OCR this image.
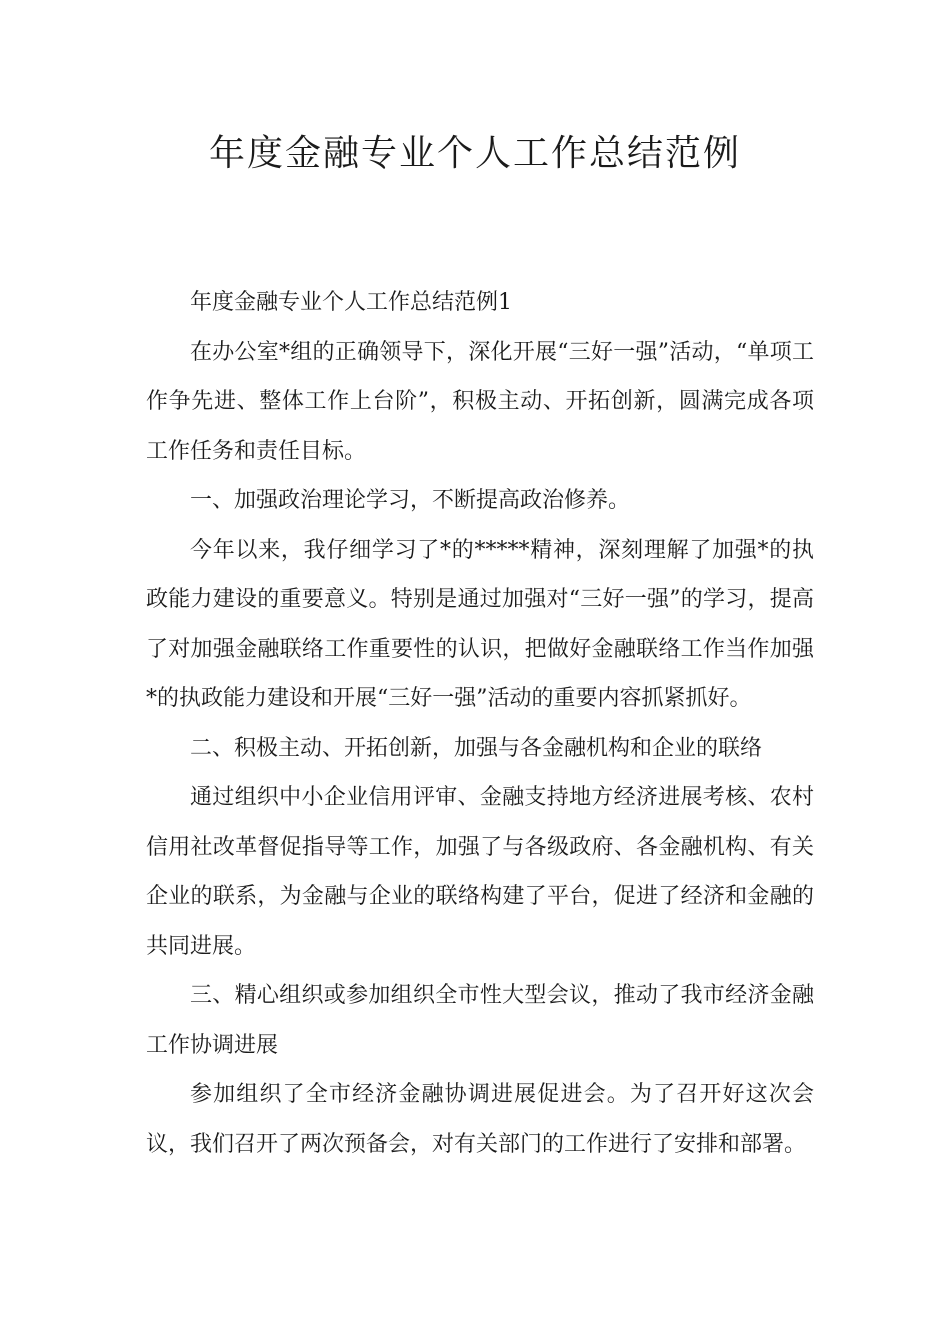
年度金融专业个人工作总结范例

年度金融专业个人工作总结范例1

在办公室*组的正确领导下，深化开展“三好一强”活动，“单项工作争先进、整体工作上台阶”，积极主动、开拓创新，圆满完成各项工作任务和责任目标。

一、加强政治理论学习，不断提高政治修养。

今年以来，我仔细学习了*的*****精神，深刻理解了加强*的执政能力建设的重要意义。特别是通过加强对“三好一强”的学习，提高了对加强金融联络工作重要性的认识，把做好金融联络工作当作加强*的执政能力建设和开展“三好一强”活动的重要内容抓紧抓好。

二、积极主动、开拓创新，加强与各金融机构和企业的联络

通过组织中小企业信用评审、金融支持地方经济进展考核、农村信用社改革督促指导等工作，加强了与各级政府、各金融机构、有关企业的联系，为金融与企业的联络构建了平台，促进了经济和金融的共同进展。

三、精心组织或参加组织全市性大型会议，推动了我市经济金融工作协调进展

参加组织了全市经济金融协调进展促进会。为了召开好这次会议，我们召开了两次预备会，对有关部门的工作进行了安排和部署。
